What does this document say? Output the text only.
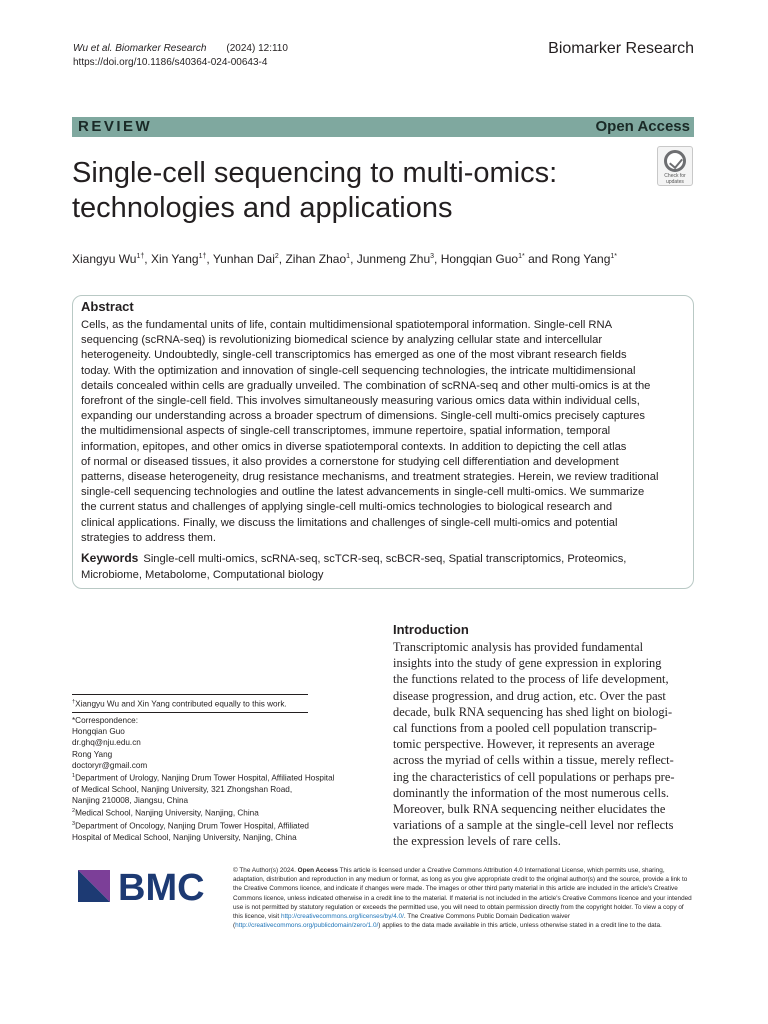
Wu et al. Biomarker Research (2024) 12:110
https://doi.org/10.1186/s40364-024-00643-4
Biomarker Research
REVIEW	Open Access
Single-cell sequencing to multi-omics:
technologies and applications
Check for updates
Xiangyu $Wu^{1\dagger}$, Xin Yang$^{1\dagger}$, Yunhan Dai$^2$, Zihan Zhao$^1$, Junmeng Zhu$^3$, Hongqian Guo$^{1*}$ and Rong Yang$^{1*}$
Abstract
Cells, as the fundamental units of life, contain multidimensional spatiotemporal information. Single-cell RNA
sequencing (scRNA-seq) is revolutionizing biomedical science by analyzing cellular state and intercellular
heterogeneity. Undoubtedly, single-cell transcriptomics has emerged as one of the most vibrant research fields
today. With the optimization and innovation of single-cell sequencing technologies, the intricate multidimensional
details concealed within cells are gradually unveiled. The combination of scRNA-seq and other multi-omics is at the
forefront of the single-cell field. This involves simultaneously measuring various omics data within individual cells,
expanding our understanding across a broader spectrum of dimensions. Single-cell multi-omics precisely captures
the multidimensional aspects of single-cell transcriptomes, immune repertoire, spatial information, temporal
information, epitopes, and other omics in diverse spatiotemporal contexts. In addition to depicting the cell atlas
of normal or diseased tissues, it also provides a cornerstone for studying cell differentiation and development
patterns, disease heterogeneity, drug resistance mechanisms, and treatment strategies. Herein, we review traditional
single-cell sequencing technologies and outline the latest advancements in single-cell multi-omics. We summarize
the current status and challenges of applying single-cell multi-omics technologies to biological research and
clinical applications. Finally, we discuss the limitations and challenges of single-cell multi-omics and potential
strategies to address them.
Keywords Single-cell multi-omics, scRNA-seq, scTCR-seq, scBCR-seq, Spatial transcriptomics, Proteomics,
Microbiome, Metabolome, Computational biology
Introduction
Transcriptomic analysis has provided fundamental
insights into the study of gene expression in exploring
the functions related to the process of life development,
disease progression, and drug action, etc. Over the past
decade, bulk RNA sequencing has shed light on biologi-
cal functions from a pooled cell population transcrip-
tomic perspective. However, it represents an average
across the myriad of cells within a tissue, merely reflect-
ing the characteristics of cell populations or perhaps pre-
dominantly the information of the most numerous cells.
Moreover, bulk RNA sequencing neither elucidates the
variations of a sample at the single-cell level nor reflects
the expression levels of rare cells.
†Xiangyu Wu and Xin Yang contributed equally to this work.
*Correspondence:
Hongqian Guo
dr.ghq@nju.edu.cn
Rong Yang
doctoryr@gmail.com
$^1$Department of Urology, Nanjing Drum Tower Hospital, Affiliated Hospital
of Medical School, Nanjing University, 321 Zhongshan Road,
Nanjing 210008, Jiangsu, China
$^2$Medical School, Nanjing University, Nanjing, China
$^3$Department of Oncology, Nanjing Drum Tower Hospital, Affiliated
Hospital of Medical School, Nanjing University, Nanjing, China
BMC	© The Author(s) 2024. Open Access This article is licensed under a Creative Commons Attribution 4.0 International License, which permits use, sharing, adaptation, distribution and reproduction in any medium or format, as long as you give appropriate credit to the original author(s) and the source, provide a link to the Creative Commons licence, and indicate if changes were made. The images or other third party material in this article are included in the article's Creative Commons licence, unless indicated otherwise in a credit line to the material. If material is not included in the article's Creative Commons licence and your intended use is not permitted by statutory regulation or exceeds the permitted use, you will need to obtain permission directly from the copyright holder. To view a copy of this licence, visit http://creativecommons.org/licenses/by/4.0/. The Creative Commons Public Domain Dedication waiver (http://creativecommons.org/publicdomain/zero/1.0/) applies to the data made available in this article, unless otherwise stated in a credit line to the data.
